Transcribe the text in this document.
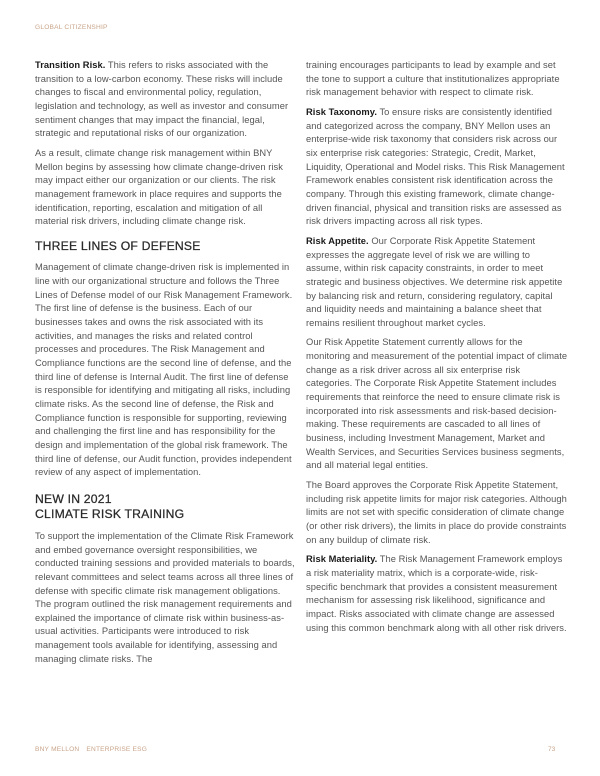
GLOBAL CITIZENSHIP

Transition Risk. This refers to risks associated with the transition to a low-carbon economy. These risks will include changes to fiscal and environmental policy, regulation, legislation and technology, as well as investor and consumer sentiment changes that may impact the financial, legal, strategic and reputational risks of our organization.

As a result, climate change risk management within BNY Mellon begins by assessing how climate change-driven risk may impact either our organization or our clients. The risk management framework in place requires and supports the identification, reporting, escalation and mitigation of all material risk drivers, including climate change risk.

THREE LINES OF DEFENSE

Management of climate change-driven risk is implemented in line with our organizational structure and follows the Three Lines of Defense model of our Risk Management Framework. The first line of defense is the business. Each of our businesses takes and owns the risk associated with its activities, and manages the risks and related control processes and procedures. The Risk Management and Compliance functions are the second line of defense, and the third line of defense is Internal Audit. The first line of defense is responsible for identifying and mitigating all risks, including climate risks. As the second line of defense, the Risk and Compliance function is responsible for supporting, reviewing and challenging the first line and has responsibility for the design and implementation of the global risk framework. The third line of defense, our Audit function, provides independent review of any aspect of implementation.

NEW IN 2021
CLIMATE RISK TRAINING

To support the implementation of the Climate Risk Framework and embed governance oversight responsibilities, we conducted training sessions and provided materials to boards, relevant committees and select teams across all three lines of defense with specific climate risk management obligations. The program outlined the risk management requirements and explained the importance of climate risk within business-as-usual activities. Participants were introduced to risk management tools available for identifying, assessing and managing climate risks. The

training encourages participants to lead by example and set the tone to support a culture that institutionalizes appropriate risk management behavior with respect to climate risk.

Risk Taxonomy. To ensure risks are consistently identified and categorized across the company, BNY Mellon uses an enterprise-wide risk taxonomy that considers risk across our six enterprise risk categories: Strategic, Credit, Market, Liquidity, Operational and Model risks. This Risk Management Framework enables consistent risk identification across the company. Through this existing framework, climate change-driven financial, physical and transition risks are assessed as risk drivers impacting across all risk types.

Risk Appetite. Our Corporate Risk Appetite Statement expresses the aggregate level of risk we are willing to assume, within risk capacity constraints, in order to meet strategic and business objectives. We determine risk appetite by balancing risk and return, considering regulatory, capital and liquidity needs and maintaining a balance sheet that remains resilient throughout market cycles.

Our Risk Appetite Statement currently allows for the monitoring and measurement of the potential impact of climate change as a risk driver across all six enterprise risk categories. The Corporate Risk Appetite Statement includes requirements that reinforce the need to ensure climate risk is incorporated into risk assessments and risk-based decision-making. These requirements are cascaded to all lines of business, including Investment Management, Market and Wealth Services, and Securities Services business segments, and all material legal entities.

The Board approves the Corporate Risk Appetite Statement, including risk appetite limits for major risk categories. Although limits are not set with specific consideration of climate change (or other risk drivers), the limits in place do provide constraints on any buildup of climate risk.

Risk Materiality. The Risk Management Framework employs a risk materiality matrix, which is a corporate-wide, risk-specific benchmark that provides a consistent measurement mechanism for assessing risk likelihood, significance and impact. Risks associated with climate change are assessed using this common benchmark along with all other risk drivers.

BNY MELLON ENTERPRISE ESG	73
